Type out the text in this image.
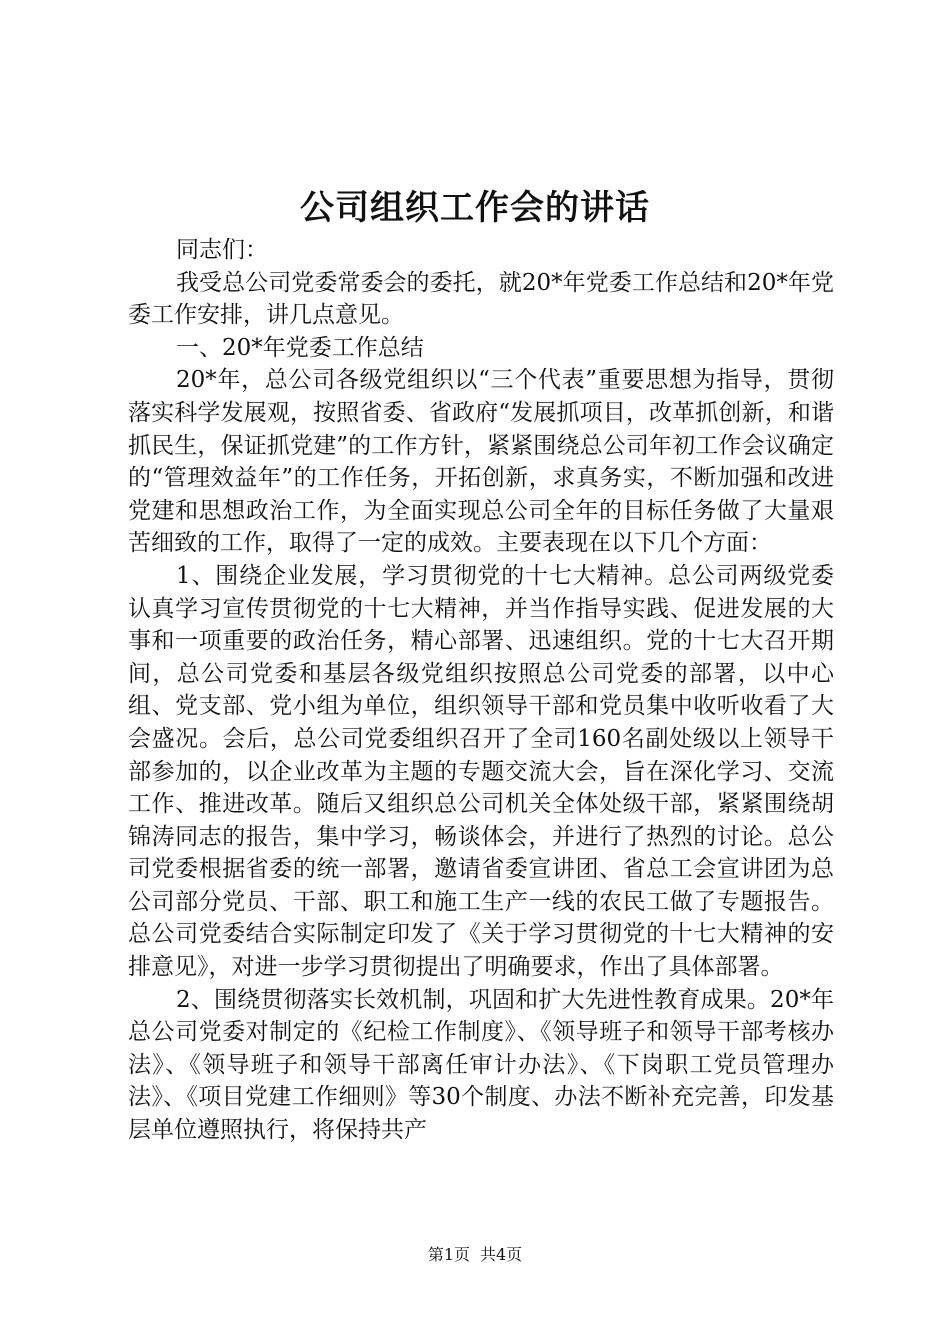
公司组织工作会的讲话

同志们：

我受总公司党委常委会的委托，就20*年党委工作总结和20*年党委工作安排，讲几点意见。

一、20*年党委工作总结

20*年，总公司各级党组织以“三个代表”重要思想为指导，贯彻落实科学发展观，按照省委、省政府“发展抓项目，改革抓创新，和谐抓民生，保证抓党建”的工作方针，紧紧围绕总公司年初工作会议确定的“管理效益年”的工作任务，开拓创新，求真务实，不断加强和改进党建和思想政治工作，为全面实现总公司全年的目标任务做了大量艰苦细致的工作，取得了一定的成效。主要表现在以下几个方面：

1、围绕企业发展，学习贯彻党的十七大精神。总公司两级党委认真学习宣传贯彻党的十七大精神，并当作指导实践、促进发展的大事和一项重要的政治任务，精心部署、迅速组织。党的十七大召开期间，总公司党委和基层各级党组织按照总公司党委的部署，以中心组、党支部、党小组为单位，组织领导干部和党员集中收听收看了大会盛况。会后，总公司党委组织召开了全司160名副处级以上领导干部参加的，以企业改革为主题的专题交流大会，旨在深化学习、交流工作、推进改革。随后又组织总公司机关全体处级干部，紧紧围绕胡锦涛同志的报告，集中学习，畅谈体会，并进行了热烈的讨论。总公司党委根据省委的统一部署，邀请省委宣讲团、省总工会宣讲团为总公司部分党员、干部、职工和施工生产一线的农民工做了专题报告。总公司党委结合实际制定印发了《关于学习贯彻党的十七大精神的安排意见》，对进一步学习贯彻提出了明确要求，作出了具体部署。

2、围绕贯彻落实长效机制，巩固和扩大先进性教育成果。20*年总公司党委对制定的《纪检工作制度》、《领导班子和领导干部考核办法》、《领导班子和领导干部离任审计办法》、《下岗职工党员管理办法》、《项目党建工作细则》等30个制度、办法不断补充完善，印发基层单位遵照执行，将保持共产

第1页 共4页
